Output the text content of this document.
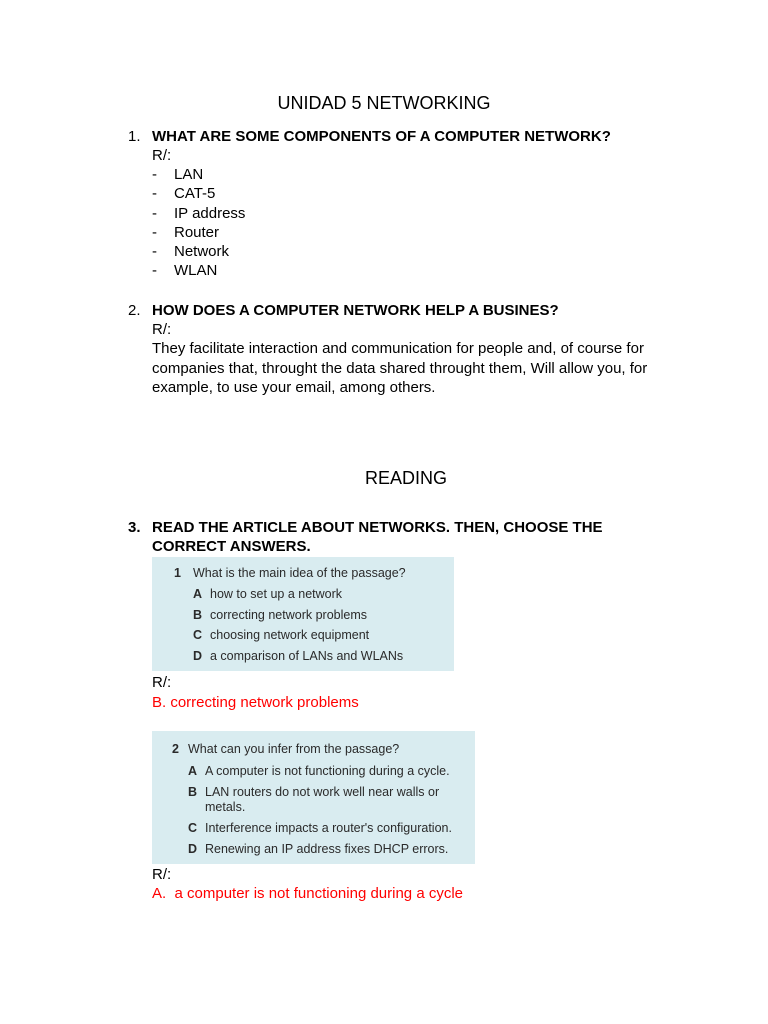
UNIDAD 5 NETWORKING
1. WHAT ARE SOME COMPONENTS OF A COMPUTER NETWORK?
R/:
-	LAN
-	CAT-5
-	IP address
-	Router
-	Network
-	WLAN
2. HOW DOES A COMPUTER NETWORK HELP A BUSINES?
R/:

They facilitate interaction and communication for people and, of course for companies that, throught the data shared throught them, Will allow you, for example, to use your email, among others.

READING
3. READ THE ARTICLE ABOUT NETWORKS. THEN, CHOOSE THE CORRECT ANSWERS.
1 What is the main idea of the passage?
A how to set up a network
B correcting network problems
C choosing network equipment
D a comparison of LANs and WLANs
R/:
B. correcting network problems
2 What can you infer from the passage?
A A computer is not functioning during a cycle.
B LAN routers do not work well near walls or metals.
C Interference impacts a router's configuration.
D Renewing an IP address fixes DHCP errors.
R/:
A.  a computer is not functioning during a cycle
